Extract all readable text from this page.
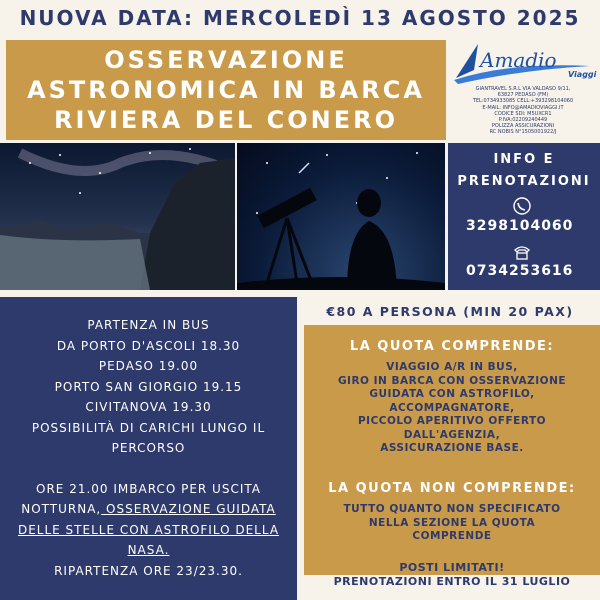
NUOVA DATA: MERCOLEDÌ 13 AGOSTO 2025
OSSERVAZIONE
ASTRONOMICA IN BARCA
RIVIERA DEL CONERO
Amadio
Viaggi
GIANTRAVEL S.R.L VIA VALDASO 9/11,
63827 PEDASO (FM)
TEL:0734933085 CELL:+393298104060
E-MAIL: INFO@AMADIOVIAGGI.IT
CODICE SDI: M5UXCR1
P.IVA:02209240449
POLIZZA ASSICURAZIONI
RC NOBIS N°1505001922/J
INFO E
PRENOTAZIONI
3298104060
0734253616
PARTENZA IN BUS
DA PORTO D'ASCOLI 18.30
PEDASO 19.00
PORTO SAN GIORGIO 19.15
CIVITANOVA 19.30
POSSIBILITÀ DI CARICHI LUNGO IL
PERCORSO
ORE 21.00 IMBARCO PER USCITA
NOTTURNA, OSSERVAZIONE GUIDATA
DELLE STELLE CON ASTROFILO DELLA
NASA.
RIPARTENZA ORE 23/23.30.
€80 A PERSONA (MIN 20 PAX)
LA QUOTA COMPRENDE:
VIAGGIO A/R IN BUS,
GIRO IN BARCA CON OSSERVAZIONE
GUIDATA CON ASTROFILO,
ACCOMPAGNATORE,
PICCOLO APERITIVO OFFERTO
DALL'AGENZIA,
ASSICURAZIONE BASE.
LA QUOTA NON COMPRENDE:
TUTTO QUANTO NON SPECIFICATO
NELLA SEZIONE LA QUOTA
COMPRENDE
POSTI LIMITATI!
PRENOTAZIONI ENTRO IL 31 LUGLIO
